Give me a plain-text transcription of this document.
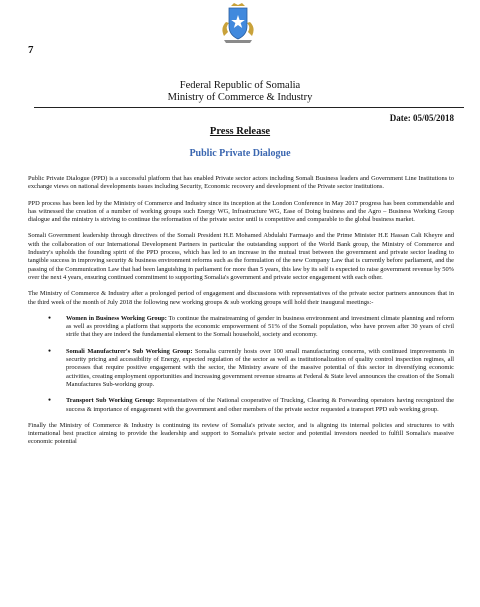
7
Federal Republic of Somalia
Ministry of Commerce & Industry
Date: 05/05/2018
Press Release
Public Private Dialogue

Public Private Dialogue (PPD) is a successful platform that has enabled Private sector actors including Somali Business leaders and Government Line Institutions to exchange views on national developments issues including Security, Economic recovery and development of the Private sector institutions.

PPD process has been led by the Ministry of Commerce and Industry since its inception at the London Conference in May 2017 progress has been commendable and has witnessed the creation of a number of working groups such Energy WG, Infrastructure WG, Ease of Doing business and the Agro – Business Working Group dialogue and the ministry is striving to continue the reformation of the private sector until is competitive and comparable to the global business market.

Somali Government leadership through directives of the Somali President H.E Mohamed Abdulahi Farmaajo and the Prime Minister H.E Hassan Cali Kheyre and with the collaboration of our International Development Partners in particular the outstanding support of the World Bank group, the Ministry of Commerce and Industry's upholds the founding spirit of the PPD process, which has led to an increase in the mutual trust between the government and private sector leading to tangible success in improving security & business environment reforms such as the formulation of the new Company Law that is currently before parliament, and the passing of the Communication Law that had been languishing in parliament for more than 5 years, this law by its self is expected to raise government revenue by 50% over the next 4 years, ensuring continued commitment to supporting Somalia's government and private sector engagement with each other.

The Ministry of Commerce & Industry after a prolonged period of engagement and discussions with representatives of the private sector partners announces that in the third week of the month of July 2018 the following new working groups & sub working groups will hold their inaugural meetings:-

● Women in Business Working Group: To continue the mainstreaming of gender in business environment and investment climate planning and reform as well as providing a platform that supports the economic empowerment of 51% of the Somali population, who have proven after 30 years of civil strife that they are indeed the fundamental element to the Somali household, society and economy.
● Somali Manufacturer's Sub Working Group: Somalia currently hosts over 100 small manufacturing concerns, with continued improvements in security pricing and accessibility of Energy, expected regulation of the sector as well as institutionalization of quality control inspection regimes, all processes that require positive engagement with the sector, the Ministry aware of the massive potential of this sector in diversifying economic activities, creating employment opportunities and increasing government revenue streams at Federal & State level announces the creation of the Somali Manufactures Sub-working group.
● Transport Sub Working Group: Representatives of the National cooperative of Trucking, Clearing & Forwarding operators having recognized the success & importance of engagement with the government and other members of the private sector requested a transport PPD sub working group.

Finally the Ministry of Commerce & Industry is continuing its review of Somalia's private sector, and is aligning its internal policies and structures to with international best practice aiming to provide the leadership and support to Somalia's private sector and potential investors needed to fulfill Somalia's massive economic potential
